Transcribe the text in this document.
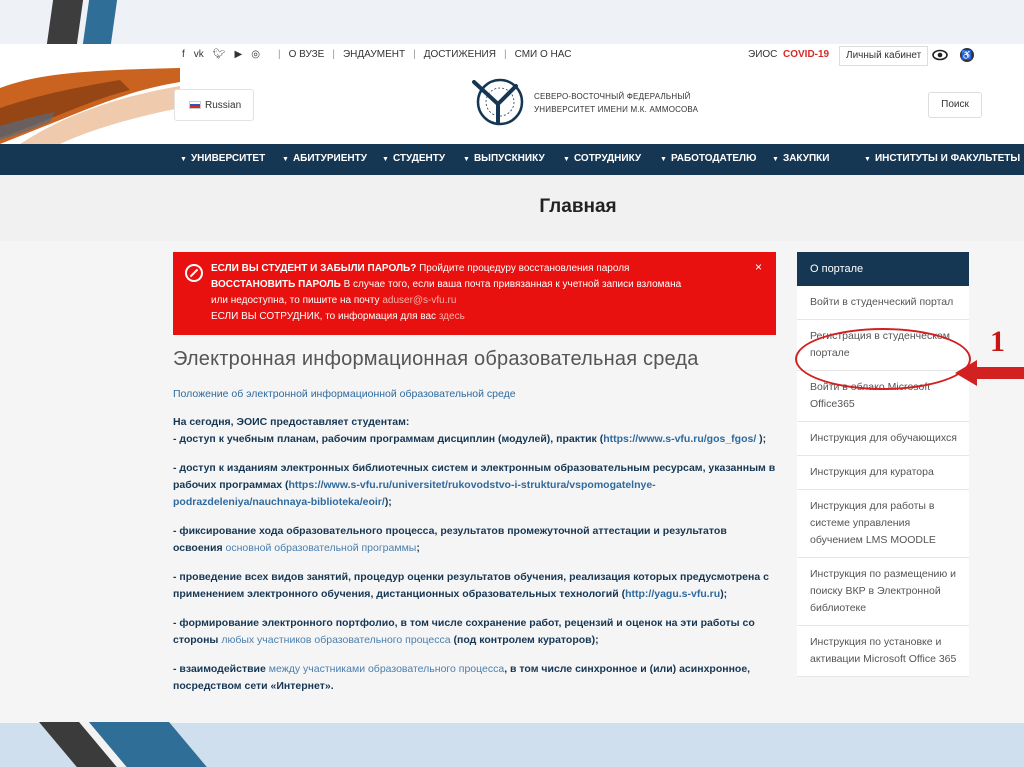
f vk 🐦︎ ▶ ◎ | О ВУЗЕ | ЭНДАУМЕНТ | ДОСТИЖЕНИЯ | СМИ О НАС	ЭИОС COVID-19	Личный кабинет	♿
Russian
СЕВЕРО-ВОСТОЧНЫЙ ФЕДЕРАЛЬНЫЙ
УНИВЕРСИТЕТ ИМЕНИ М.К. АММОСОВА	Поиск
▼ УНИВЕРСИТЕТ ▼ АБИТУРИЕНТУ ▼ СТУДЕНТУ	▼ ВЫПУСКНИКУ	▼ СОТРУДНИКУ	▼ РАБОТОДАТЕЛЮ ▼ ЗАКУПКИ	▼ ИНСТИТУТЫ И ФАКУЛЬТЕТЫ
Главная
ЕСЛИ ВЫ СТУДЕНТ И ЗАБЫЛИ ПАРОЛЬ? Пройдите процедуру восстановления пароля
ВОССТАНОВИТЬ ПАРОЛЬ В случае того, если ваша почта привязанная к учетной записи взломана
или недоступна, то пишите на почту aduser@s-vfu.ru
ЕСЛИ ВЫ СОТРУДНИК, то информация для вас здесь
×
Электронная информационная образовательная среда
Положение об электронной информационной образовательной среде

На сегодня, ЭОИС предоставляет студентам:
- доступ к учебным планам, рабочим программам дисциплин (модулей), практик (https://www.s-vfu.ru/gos_fgos/ );

- доступ к изданиям электронных библиотечных систем и электронным образовательным ресурсам, указанным в рабочих программах (https://www.s-vfu.ru/universitet/rukovodstvo-i-struktura/vspomogatelnye-podrazdeleniya/nauchnaya-biblioteka/eoir/);

- фиксирование хода образовательного процесса, результатов промежуточной аттестации и результатов освоения основной образовательной программы;

- проведение всех видов занятий, процедур оценки результатов обучения, реализация которых предусмотрена с применением электронного обучения, дистанционных образовательных технологий (http://yagu.s-vfu.ru);

- формирование электронного портфолио, в том числе сохранение работ, рецензий и оценок на эти работы со стороны любых участников образовательного процесса (под контролем кураторов);

- взаимодействие между участниками образовательного процесса, в том числе синхронное и (или) асинхронное, посредством сети «Интернет».

О портале
Войти в студенческий портал
Регистрация в студенческом портале
Войти в облако Microsoft Office365
Инструкция для обучающихся
Инструкция для куратора
Инструкция для работы в системе управления обучением LMS MOODLE
Инструкция по размещению и поиску ВКР в Электронной библиотеке
Инструкция по установке и активации Microsoft Office 365
1
